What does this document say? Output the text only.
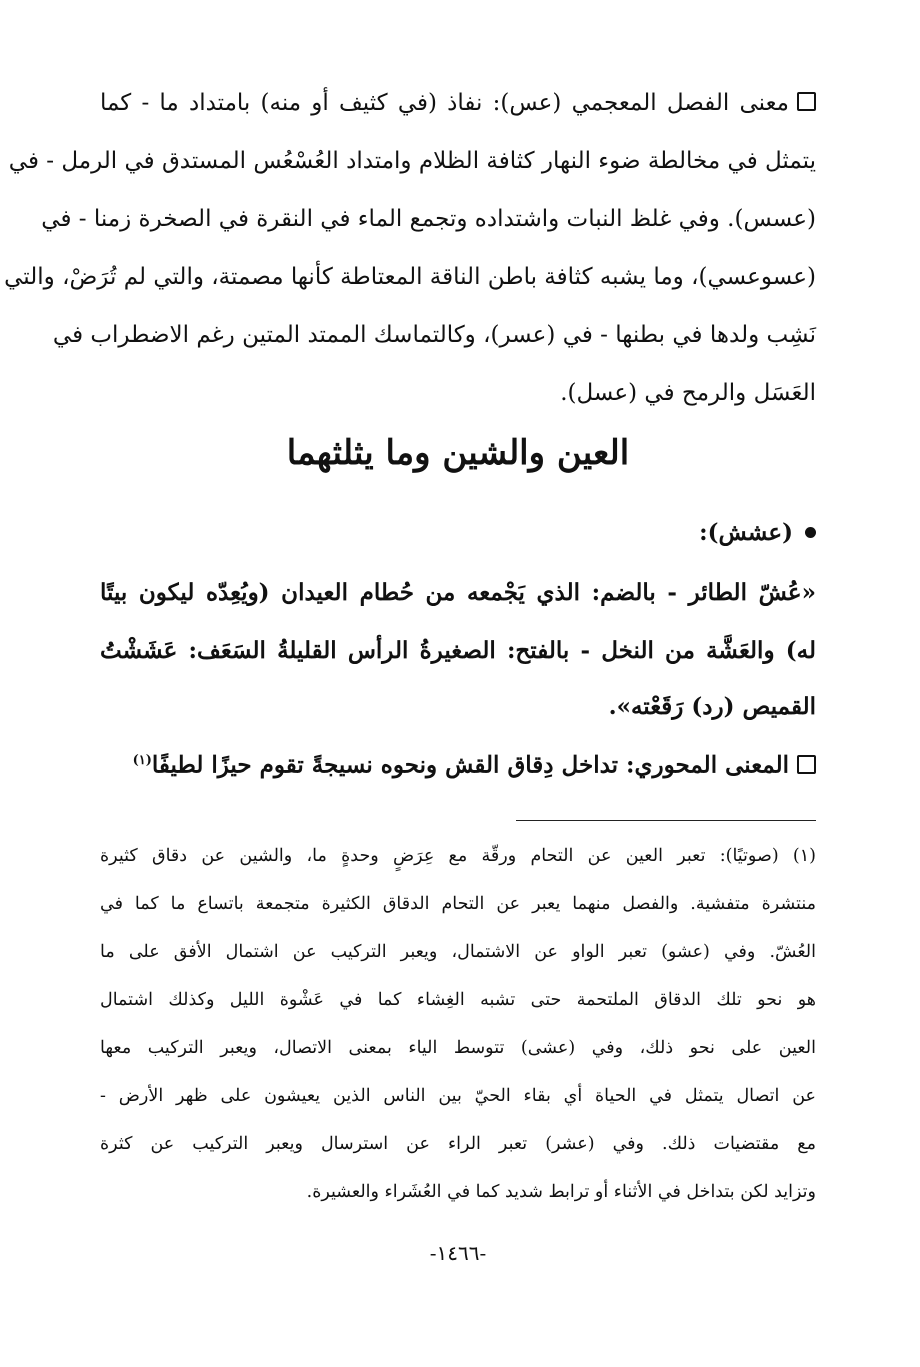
معنى الفصل المعجمي (عس): نفاذ (في كثيف أو منه) بامتداد ما - كما
يتمثل في مخالطة ضوء النهار كثافة الظلام وامتداد العُسْعُس المستدق في الرمل - في
(عسس). وفي غلظ النبات واشتداده وتجمع الماء في النقرة في الصخرة زمنا - في
(عسوعسي)، وما يشبه كثافة باطن الناقة المعتاطة كأنها مصمتة، والتي لم تُرَضْ، والتي
نَشِب ولدها في بطنها - في (عسر)، وكالتماسك الممتد المتين رغم الاضطراب في
العَسَل والرمح في (عسل).
العين والشين وما يثلثهما
(عشش):
«عُشّ الطائر - بالضم: الذي يَجْمعه من حُطام العيدان (ويُعِدّه ليكون بيتًا
له) والعَشَّة من النخل - بالفتح: الصغيرةُ الرأس القليلةُ السَعَف: عَشَشْتُ
القميص (رد) رَقَعْته».
المعنى المحوري: تداخل دِقاق القش ونحوه نسيجةً تقوم حيزًا لطيفًا$^{(١)}$
(١) (صوتيًا): تعبر العين عن التحام ورقّة مع عِرَضٍ وحدةٍ ما، والشين عن دقاق كثيرة
منتشرة متفشية. والفصل منهما يعبر عن التحام الدقاق الكثيرة متجمعة باتساع ما كما في
العُشّ. وفي (عشو) تعبر الواو عن الاشتمال، ويعبر التركيب عن اشتمال الأفق على ما
هو نحو تلك الدقاق الملتحمة حتى تشبه الغِشاء كما في عَشْوة الليل وكذلك اشتمال
العين على نحو ذلك، وفي (عشى) تتوسط الياء بمعنى الاتصال، ويعبر التركيب معها
عن اتصال يتمثل في الحياة أي بقاء الحيّ بين الناس الذين يعيشون على ظهر الأرض -
مع مقتضيات ذلك. وفي (عشر) تعبر الراء عن استرسال ويعبر التركيب عن كثرة
وتزايد لكن بتداخل في الأثناء أو ترابط شديد كما في العُشَراء والعشيرة.
-١٤٦٦-
